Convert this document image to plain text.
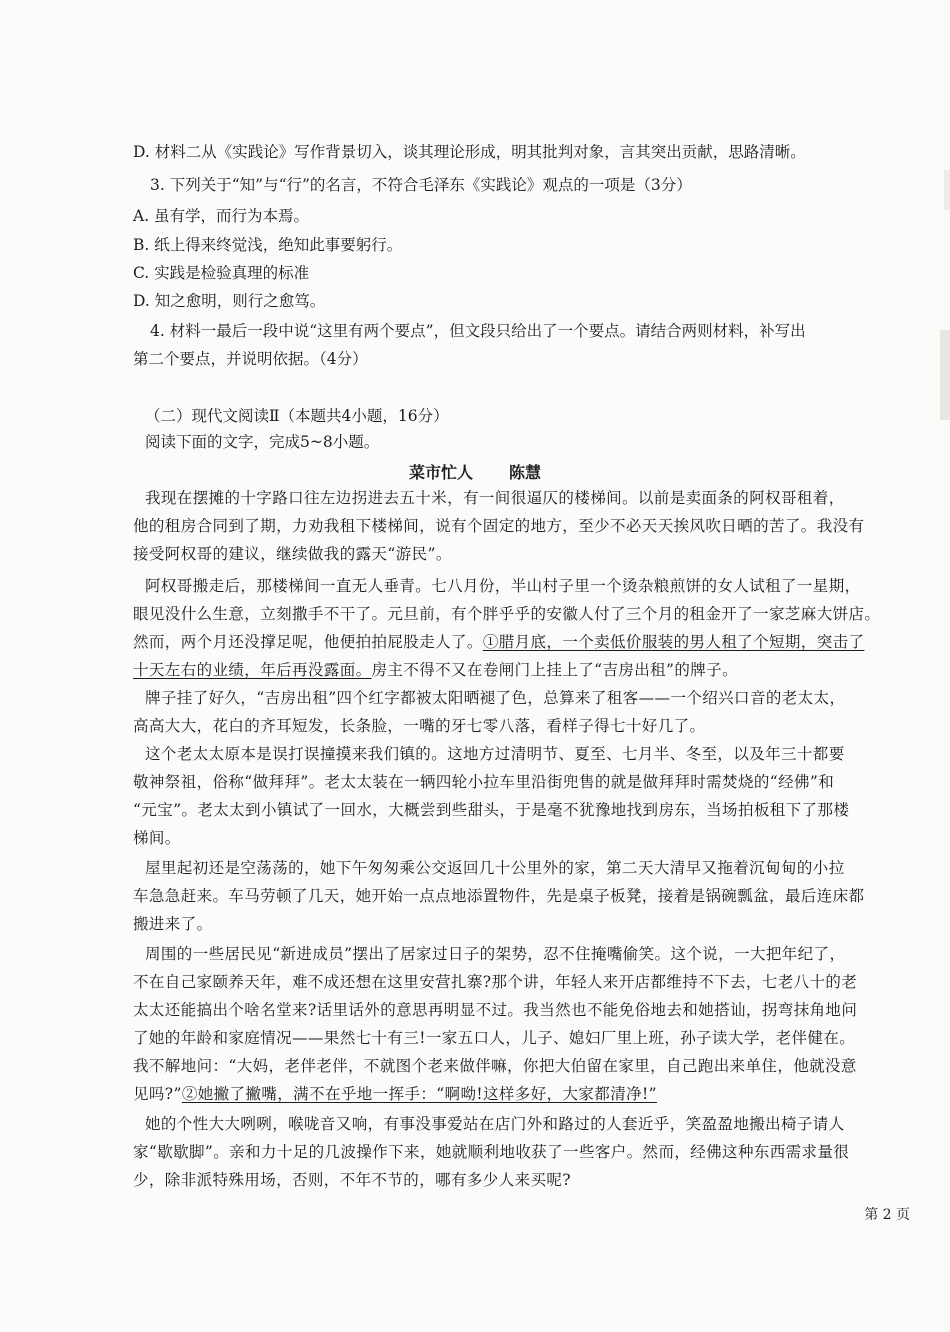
D. 材料二从《实践论》写作背景切入，谈其理论形成，明其批判对象，言其突出贡献，思路清晰。
3. 下列关于“知”与“行”的名言，不符合毛泽东《实践论》观点的一项是（3分）
A. 虽有学，而行为本焉。
B. 纸上得来终觉浅，绝知此事要躬行。
C. 实践是检验真理的标准
D. 知之愈明，则行之愈笃。
4. 材料一最后一段中说“这里有两个要点”，但文段只给出了一个要点。请结合两则材料，补写出
第二个要点，并说明依据。（4分）
（二）现代文阅读Ⅱ（本题共4小题，16分）
阅读下面的文字，完成5~8小题。
菜市忙人 陈慧
我现在摆摊的十字路口往左边拐进去五十米，有一间很逼仄的楼梯间。以前是卖面条的阿权哥租着，
他的租房合同到了期，力劝我租下楼梯间，说有个固定的地方，至少不必天天挨风吹日晒的苦了。我没有
接受阿权哥的建议，继续做我的露天“游民”。
阿权哥搬走后，那楼梯间一直无人垂青。七八月份，半山村子里一个烫杂粮煎饼的女人试租了一星期，
眼见没什么生意，立刻撒手不干了。元旦前，有个胖乎乎的安徽人付了三个月的租金开了一家芝麻大饼店。
然而，两个月还没撑足呢，他便拍拍屁股走人了。①腊月底，一个卖低价服装的男人租了个短期，突击了
十天左右的业绩，年后再没露面。房主不得不又在卷闸门上挂上了“吉房出租”的牌子。
牌子挂了好久，“吉房出租”四个红字都被太阳晒褪了色，总算来了租客——一个绍兴口音的老太太，
高高大大，花白的齐耳短发，长条脸，一嘴的牙七零八落，看样子得七十好几了。
这个老太太原本是误打误撞摸来我们镇的。这地方过清明节、夏至、七月半、冬至，以及年三十都要
敬神祭祖，俗称“做拜拜”。老太太装在一辆四轮小拉车里沿街兜售的就是做拜拜时需焚烧的“经佛”和
“元宝”。老太太到小镇试了一回水，大概尝到些甜头，于是毫不犹豫地找到房东，当场拍板租下了那楼
梯间。
屋里起初还是空荡荡的，她下午匆匆乘公交返回几十公里外的家，第二天大清早又拖着沉甸甸的小拉
车急急赶来。车马劳顿了几天，她开始一点点地添置物件，先是桌子板凳，接着是锅碗瓢盆，最后连床都
搬进来了。
周围的一些居民见“新进成员”摆出了居家过日子的架势，忍不住掩嘴偷笑。这个说，一大把年纪了，
不在自己家颐养天年，难不成还想在这里安营扎寨?那个讲，年轻人来开店都维持不下去，七老八十的老
太太还能搞出个啥名堂来?话里话外的意思再明显不过。我当然也不能免俗地去和她搭讪，拐弯抹角地问
了她的年龄和家庭情况——果然七十有三!一家五口人，儿子、媳妇厂里上班，孙子读大学，老伴健在。
我不解地问：“大妈，老伴老伴，不就图个老来做伴嘛，你把大伯留在家里，自己跑出来单住，他就没意
见吗?”②她撇了撇嘴，满不在乎地一挥手：“啊呦!这样多好，大家都清净!”
她的个性大大咧咧，喉咙音又响，有事没事爱站在店门外和路过的人套近乎，笑盈盈地搬出椅子请人
家“歇歇脚”。亲和力十足的几波操作下来，她就顺利地收获了一些客户。然而，经佛这种东西需求量很
少，除非派特殊用场，否则，不年不节的，哪有多少人来买呢?
第 2 页
